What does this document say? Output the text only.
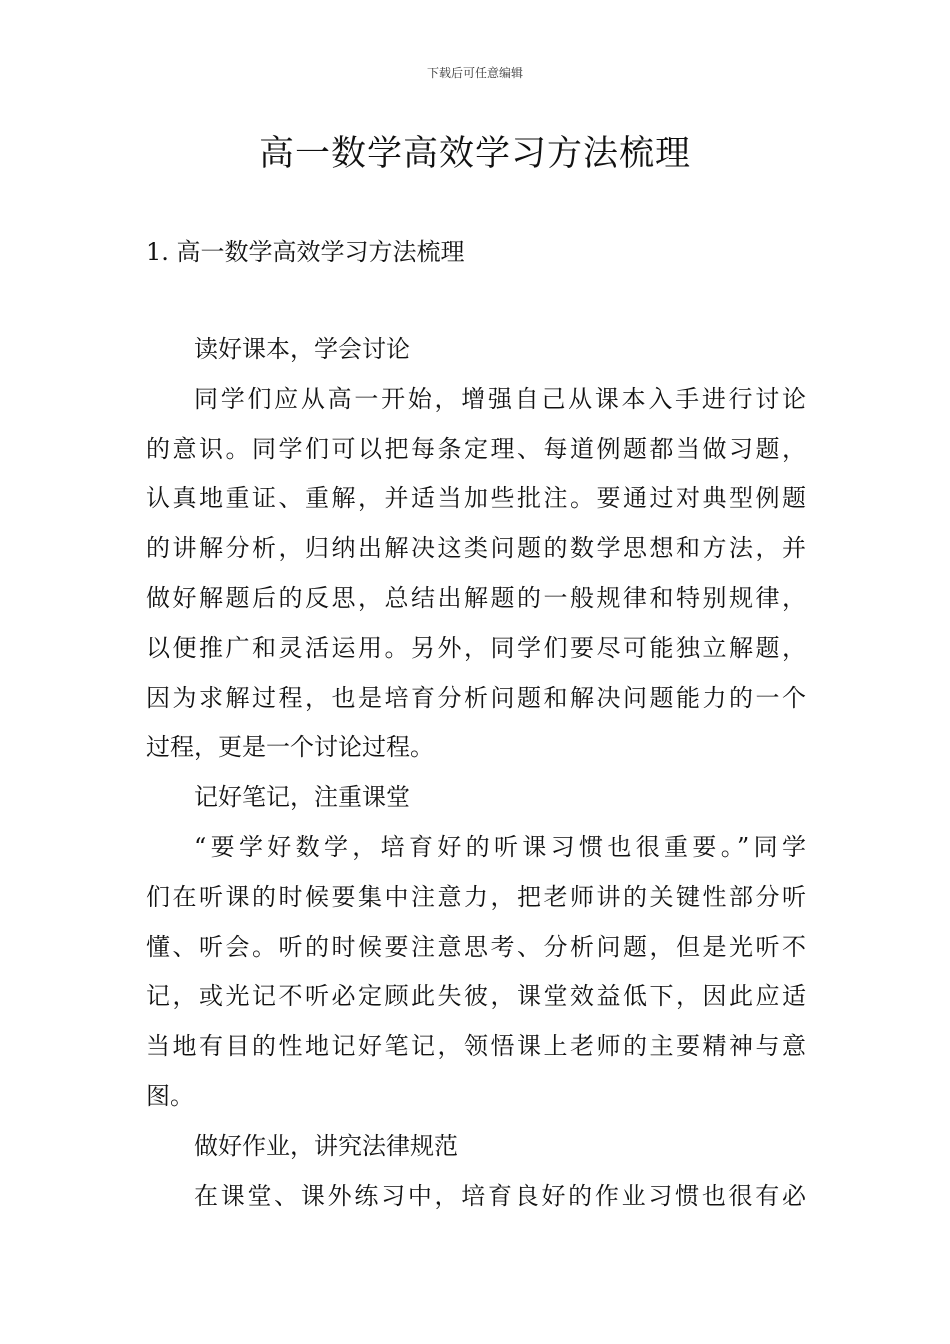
下载后可任意编辑
高一数学高效学习方法梳理
1. 高一数学高效学习方法梳理

读好课本，学会讨论

同学们应从高一开始，增强自己从课本入手进行讨论

的意识。同学们可以把每条定理、每道例题都当做习题，

认真地重证、重解，并适当加些批注。要通过对典型例题

的讲解分析，归纳出解决这类问题的数学思想和方法，并

做好解题后的反思，总结出解题的一般规律和特别规律，

以便推广和灵活运用。另外，同学们要尽可能独立解题，

因为求解过程，也是培育分析问题和解决问题能力的一个

过程，更是一个讨论过程。

记好笔记，注重课堂

“要学好数学，培育好的听课习惯也很重要。”同学

们在听课的时候要集中注意力，把老师讲的关键性部分听

懂、听会。听的时候要注意思考、分析问题，但是光听不

记，或光记不听必定顾此失彼，课堂效益低下，因此应适

当地有目的性地记好笔记，领悟课上老师的主要精神与意

图。

做好作业，讲究法律规范

在课堂、课外练习中，培育良好的作业习惯也很有必
